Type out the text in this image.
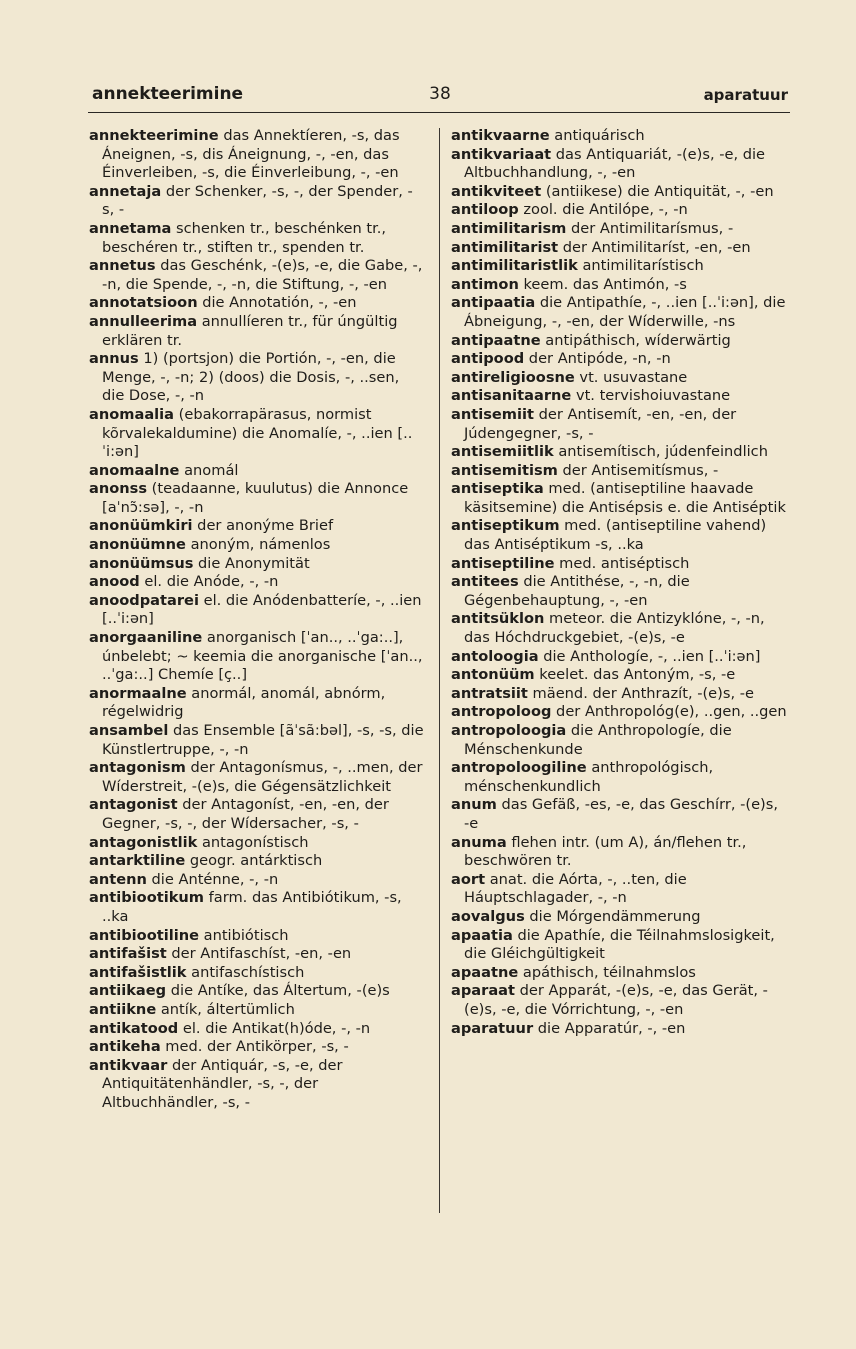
annekteerimine	38	aparatuur

annekteerimine das Annektíeren, -s, das Áneignen, -s, dis Áneignung, -, -en, das Éinverleiben, -s, die Éinverleibung, -, -en

annetaja der Schenker, -s, -, der Spender, -s, -

annetama schenken tr., beschénken tr., beschéren tr., stiften tr., spenden tr.

annetus das Geschénk, -(e)s, -e, die Gabe, -, -n, die Spende, -, -n, die Stiftung, -, -en

annotatsioon die Annotatión, -, -en

annulleerima annullíeren tr., für úngültig erklären tr.

annus 1) (portsjon) die Portión, -, -en, die Menge, -, -n; 2) (doos) die Dosis, -, ..sen, die Dose, -, -n

anomaalia (ebakorrapärasus, normist kõrvalekaldumine) die Anomalíe, -, ..ien [..ˈi:ən]

anomaalne anomál

anonss (teadaanne, kuulutus) die Annonce [aˈnɔ̃:sə], -, -n

anonüümkiri der anonýme Brief

anonüümne anoným, námenlos

anonüümsus die Anonymität

anood el. die Anóde, -, -n

anoodpatarei el. die Anódenbatteríe, -, ..ien [..ˈi:ən]

anorgaaniline anorganisch [ˈan.., ..ˈga:..], únbelebt; ~ keemia die anorganische [ˈan.., ..ˈga:..] Chemíe [ç..]

anormaalne anormál, anomál, abnórm, régelwidrig

ansambel das Ensemble [ãˈsã:bəl], -s, -s, die Künstlertruppe, -, -n

antagonism der Antagonísmus, -, ..men, der Wíderstreit, -(e)s, die Gégensätzlichkeit

antagonist der Antagoníst, -en, -en, der Gegner, -s, -, der Wídersacher, -s, -

antagonistlik antagonístisch

antarktiline geogr. antárktisch

antenn die Anténne, -, -n

antibiootikum farm. das Antibiótikum, -s, ..ka

antibiootiline antibiótisch

antifašist der Antifaschíst, -en, -en

antifašistlik antifaschístisch

antiikaeg die Antíke, das Áltertum, -(e)s

antiikne antík, áltertümlich

antikatood el. die Antikat(h)óde, -, -n

antikeha med. der Antikörper, -s, -

antikvaar der Antiquár, -s, -e, der Antiquitätenhändler, -s, -, der Altbuchhändler, -s, -

antikvaarne antiquárisch

antikvariaat das Antiquariát, -(e)s, -e, die Altbuchhandlung, -, -en

antikviteet (antiikese) die Antiquität, -, -en

antiloop zool. die Antilópe, -, -n

antimilitarism der Antimilitarísmus, -

antimilitarist der Antimilitaríst, -en, -en

antimilitaristlik antimilitarístisch

antimon keem. das Antimón, -s

antipaatia die Antipathíe, -, ..ien [..ˈi:ən], die Ábneigung, -, -en, der Wíderwille, -ns

antipaatne antipáthisch, wíderwärtig

antipood der Antipóde, -n, -n

antireligioosne vt. usuvastane

antisanitaarne vt. tervishoiuvastane

antisemiit der Antisemít, -en, -en, der Júdengegner, -s, -

antisemiitlik antisemítisch, júdenfeindlich

antisemitism der Antisemitísmus, -

antiseptika med. (antiseptiline haavade käsitsemine) die Antisépsis e. die Antiséptik

antiseptikum med. (antiseptiline vahend) das Antiséptikum -s, ..ka

antiseptiline med. antiséptisch

antitees die Antithése, -, -n, die Gégenbehauptung, -, -en

antitsüklon meteor. die Antizyklóne, -, -n, das Hóchdruckgebiet, -(e)s, -e

antoloogia die Anthologíe, -, ..ien [..ˈi:ən]

antonüüm keelet. das Antoným, -s, -e

antratsiit mäend. der Anthrazít, -(e)s, -e

antropoloog der Anthropológ(e), ..gen, ..gen

antropoloogia die Anthropologíe, die Ménschenkunde

antropoloogiline anthropológisch, ménschenkundlich

anum das Gefäß, -es, -e, das Geschírr, -(e)s, -e

anuma flehen intr. (um A), án/flehen tr., beschwören tr.

aort anat. die Aórta, -, ..ten, die Háuptschlagader, -, -n

aovalgus die Mórgendämmerung

apaatia die Apathíe, die Téilnahmslosigkeit, die Gléichgültigkeit

apaatne apáthisch, téilnahmslos

aparaat der Apparát, -(e)s, -e, das Gerät, -(e)s, -e, die Vórrichtung, -, -en

aparatuur die Apparatúr, -, -en
